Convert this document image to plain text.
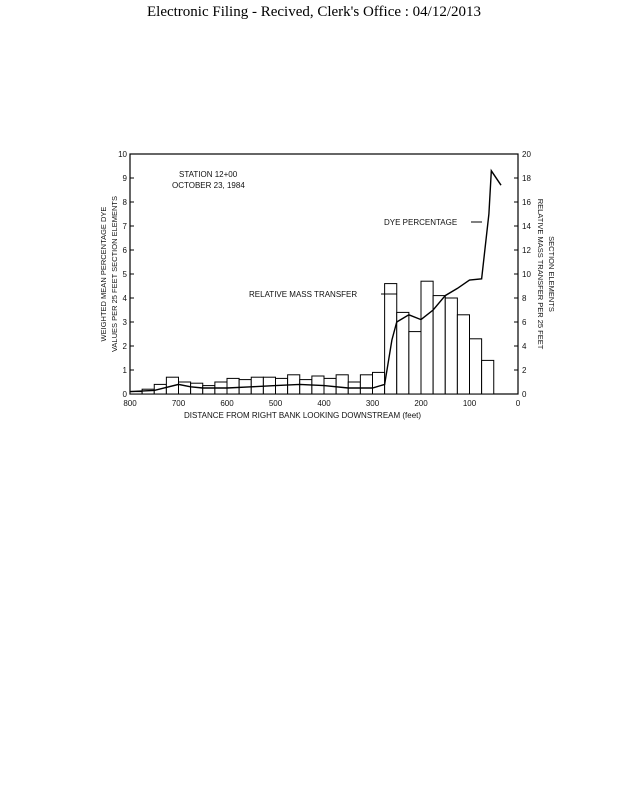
Electronic Filing - Recived, Clerk's Office : 04/12/2013
800	700	600	500	400	300	200	100	0
0
1
2
3
4
5
6
7
8
9
10
0
2
4
6
8
10
12
14
16
18
20
STATION 12+00
OCTOBER 23, 1984
DYE PERCENTAGE
RELATIVE MASS TRANSFER
DISTANCE FROM RIGHT BANK LOOKING DOWNSTREAM (feet)
WEIGHTED MEAN PERCENTAGE DYE VALUES PER 25 FEET SECTION ELEMENTS	RELATIVE MASS TRANSFER PER 25 FEET SECTION ELEMENTS
